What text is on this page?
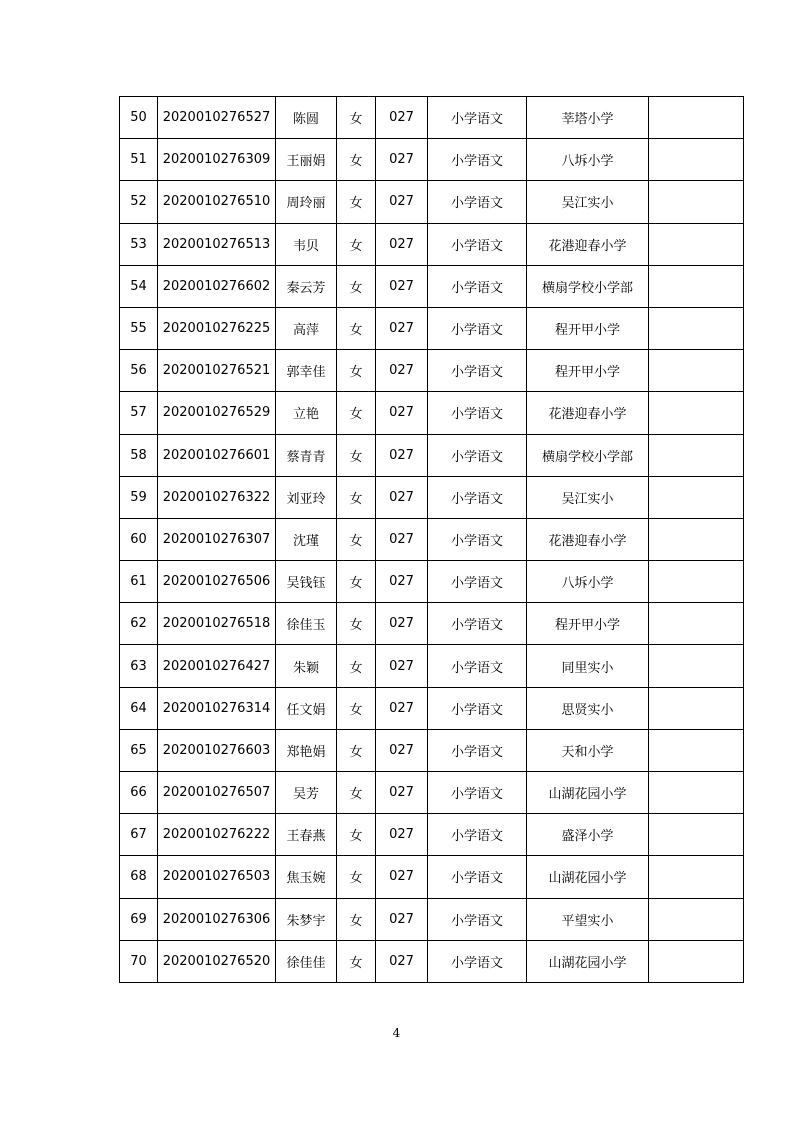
50	2020010276527	陈圆	女	027	小学语文	莘塔小学	
51	2020010276309	王丽娟	女	027	小学语文	八坼小学	
52	2020010276510	周玲丽	女	027	小学语文	吴江实小	
53	2020010276513	韦贝	女	027	小学语文	花港迎春小学	
54	2020010276602	秦云芳	女	027	小学语文	横扇学校小学部	
55	2020010276225	高萍	女	027	小学语文	程开甲小学	
56	2020010276521	郭幸佳	女	027	小学语文	程开甲小学	
57	2020010276529	立艳	女	027	小学语文	花港迎春小学	
58	2020010276601	蔡青青	女	027	小学语文	横扇学校小学部	
59	2020010276322	刘亚玲	女	027	小学语文	吴江实小	
60	2020010276307	沈瑾	女	027	小学语文	花港迎春小学	
61	2020010276506	吴钱钰	女	027	小学语文	八坼小学	
62	2020010276518	徐佳玉	女	027	小学语文	程开甲小学	
63	2020010276427	朱颖	女	027	小学语文	同里实小	
64	2020010276314	任文娟	女	027	小学语文	思贤实小	
65	2020010276603	郑艳娟	女	027	小学语文	天和小学	
66	2020010276507	吴芳	女	027	小学语文	山湖花园小学	
67	2020010276222	王春燕	女	027	小学语文	盛泽小学	
68	2020010276503	焦玉婉	女	027	小学语文	山湖花园小学	
69	2020010276306	朱梦宇	女	027	小学语文	平望实小	
70	2020010276520	徐佳佳	女	027	小学语文	山湖花园小学	
4
